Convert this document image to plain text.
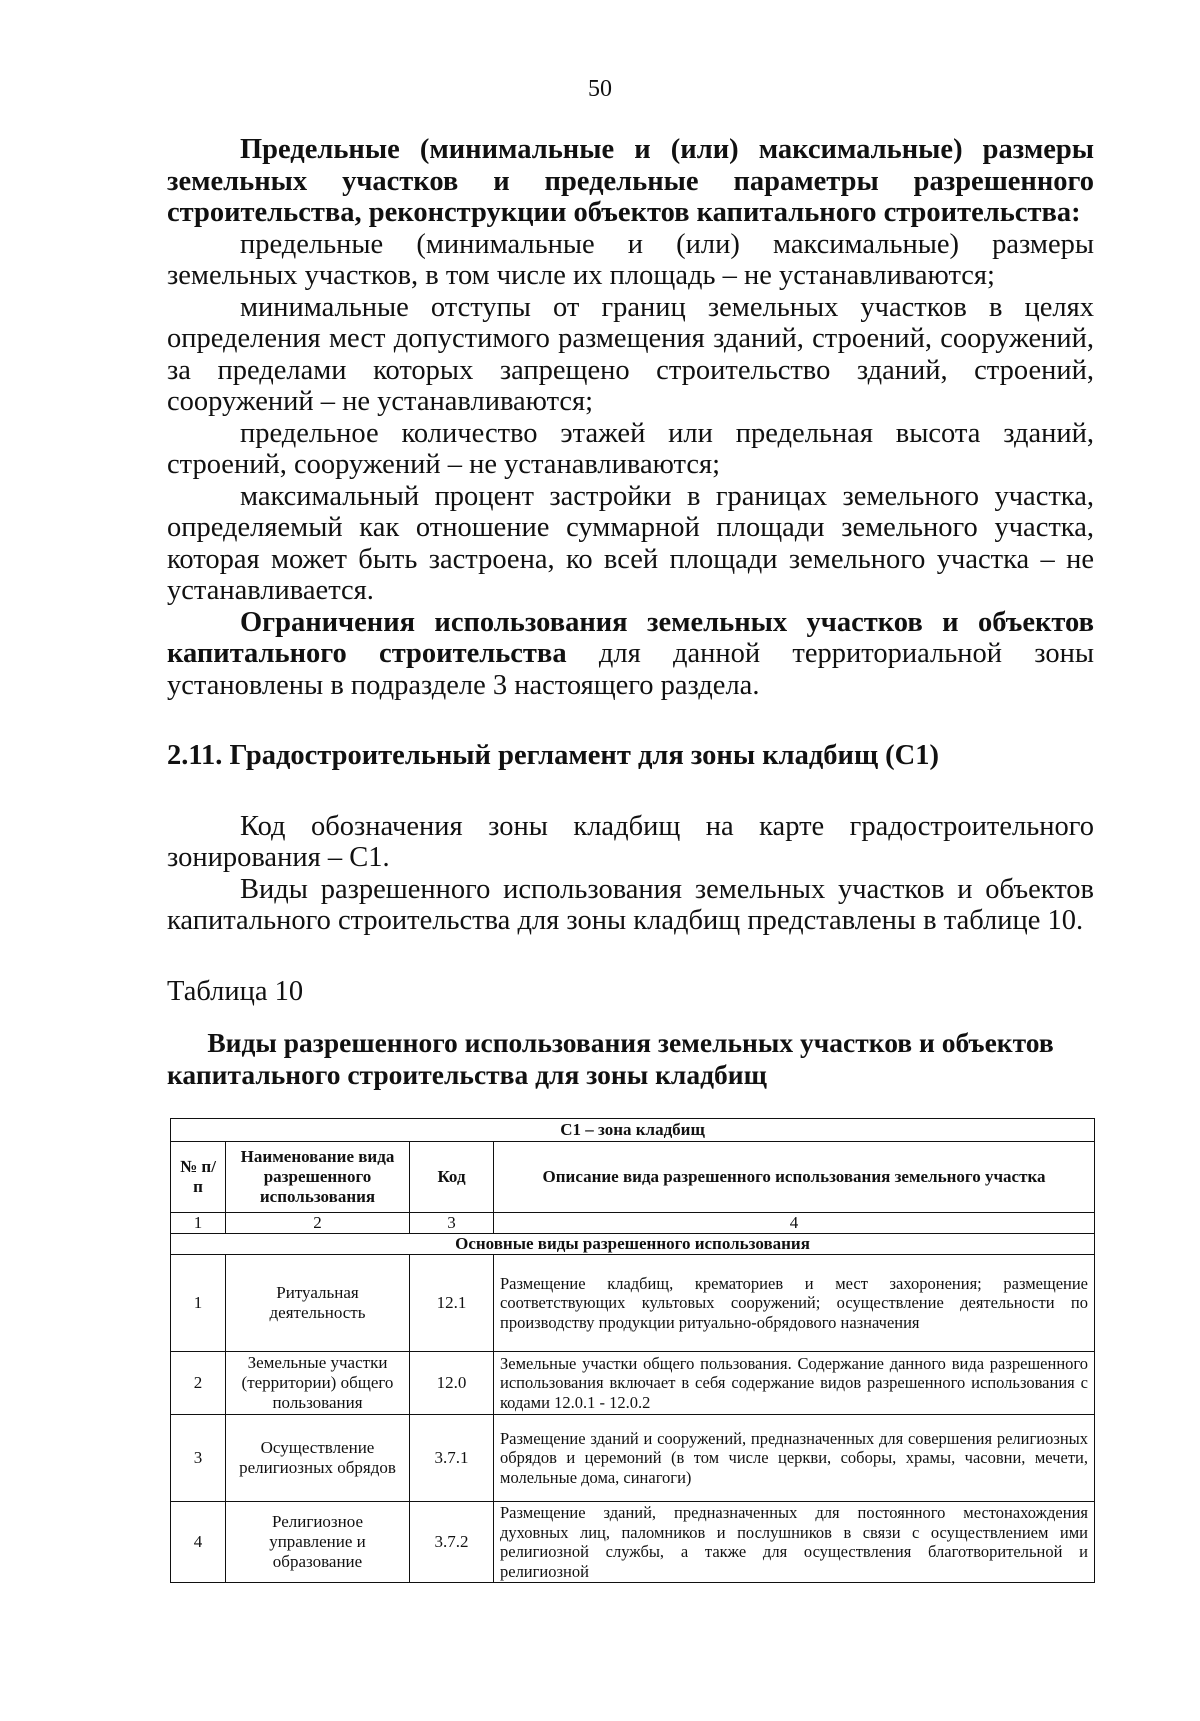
50

Предельные (минимальные и (или) максимальные) размеры земельных участков и предельные параметры разрешенного строительства, реконструкции объектов капитального строительства:

предельные (минимальные и (или) максимальные) размеры земельных участков, в том числе их площадь – не устанавливаются;

минимальные отступы от границ земельных участков в целях определения мест допустимого размещения зданий, строений, сооружений, за пределами которых запрещено строительство зданий, строений, сооружений – не устанавливаются;

предельное количество этажей или предельная высота зданий, строений, сооружений – не устанавливаются;

максимальный процент застройки в границах земельного участка, определяемый как отношение суммарной площади земельного участка, которая может быть застроена, ко всей площади земельного участка – не устанавливается.

Ограничения использования земельных участков и объектов капитального строительства для данной территориальной зоны установлены в подразделе 3 настоящего раздела.

2.11. Градостроительный регламент для зоны кладбищ (С1)

Код обозначения зоны кладбищ на карте градостроительного зонирования – С1.

Виды разрешенного использования земельных участков и объектов капитального строительства для зоны кладбищ представлены в таблице 10.

Таблица 10

Виды разрешенного использования земельных участков и объектов капитального строительства для зоны кладбищ

С1 – зона кладбищ			
№ п/п	Наименование вида разрешенного использования	Код	Описание вида разрешенного использования земельного участка
1	2	3	4
Основные виды разрешенного использования			
1	Ритуальная деятельность	12.1	Размещение кладбищ, крематориев и мест захоронения; размещение соответствующих культовых сооружений; осуществление деятельности по производству продукции ритуально-обрядового назначения
2	Земельные участки (территории) общего пользования	12.0	Земельные участки общего пользования. Содержание данного вида разрешенного использования включает в себя содержание видов разрешенного использования с кодами 12.0.1 - 12.0.2
3	Осуществление религиозных обрядов	3.7.1	Размещение зданий и сооружений, предназначенных для совершения религиозных обрядов и церемоний (в том числе церкви, соборы, храмы, часовни, мечети, молельные дома, синагоги)
4	Религиозное управление и образование	3.7.2	Размещение зданий, предназначенных для постоянного местонахождения духовных лиц, паломников и послушников в связи с осуществлением ими религиозной службы, а также для осуществления благотворительной и религиозной
